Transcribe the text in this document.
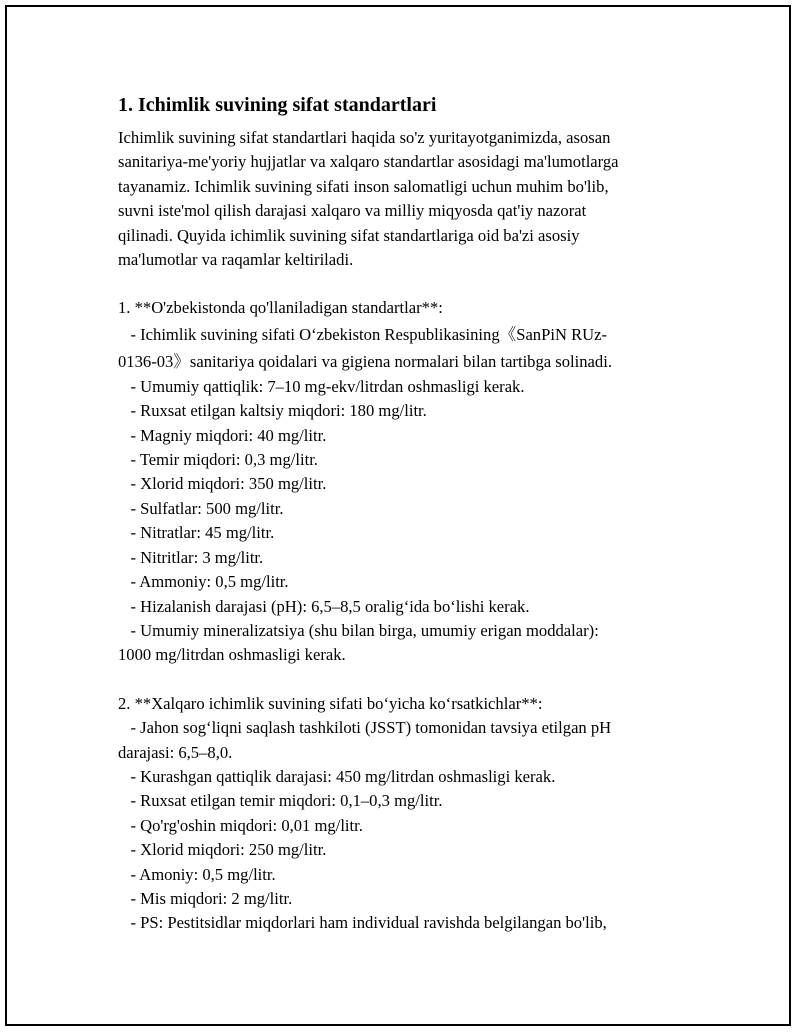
1. Ichimlik suvining sifat standartlari

Ichimlik suvining sifat standartlari haqida so'z yuritayotganimizda, asosan

sanitariya-me'yoriy hujjatlar va xalqaro standartlar asosidagi ma'lumotlarga

tayanamiz. Ichimlik suvining sifati inson salomatligi uchun muhim bo'lib,

suvni iste'mol qilish darajasi xalqaro va milliy miqyosda qat'iy nazorat

qilinadi. Quyida ichimlik suvining sifat standartlariga oid ba'zi asosiy

ma'lumotlar va raqamlar keltiriladi.

1. **O'zbekistonda qo'llaniladigan standartlar**:

- Ichimlik suvining sifati O‘zbekiston Respublikasining《SanPiN RUz-

0136-03》sanitariya qoidalari va gigiena normalari bilan tartibga solinadi.

- Umumiy qattiqlik: 7–10 mg-ekv/litrdan oshmasligi kerak.

- Ruxsat etilgan kaltsiy miqdori: 180 mg/litr.

- Magniy miqdori: 40 mg/litr.

- Temir miqdori: 0,3 mg/litr.

- Xlorid miqdori: 350 mg/litr.

- Sulfatlar: 500 mg/litr.

- Nitratlar: 45 mg/litr.

- Nitritlar: 3 mg/litr.

- Ammoniy: 0,5 mg/litr.

- Hizalanish darajasi (pH): 6,5–8,5 oralig‘ida bo‘lishi kerak.

- Umumiy mineralizatsiya (shu bilan birga, umumiy erigan moddalar):

1000 mg/litrdan oshmasligi kerak.

2. **Xalqaro ichimlik suvining sifati bo‘yicha ko‘rsatkichlar**:

- Jahon sog‘liqni saqlash tashkiloti (JSST) tomonidan tavsiya etilgan pH

darajasi: 6,5–8,0.

- Kurashgan qattiqlik darajasi: 450 mg/litrdan oshmasligi kerak.

- Ruxsat etilgan temir miqdori: 0,1–0,3 mg/litr.

- Qo'rg'oshin miqdori: 0,01 mg/litr.

- Xlorid miqdori: 250 mg/litr.

- Amoniy: 0,5 mg/litr.

- Mis miqdori: 2 mg/litr.

- PS: Pestitsidlar miqdorlari ham individual ravishda belgilangan bo'lib,
